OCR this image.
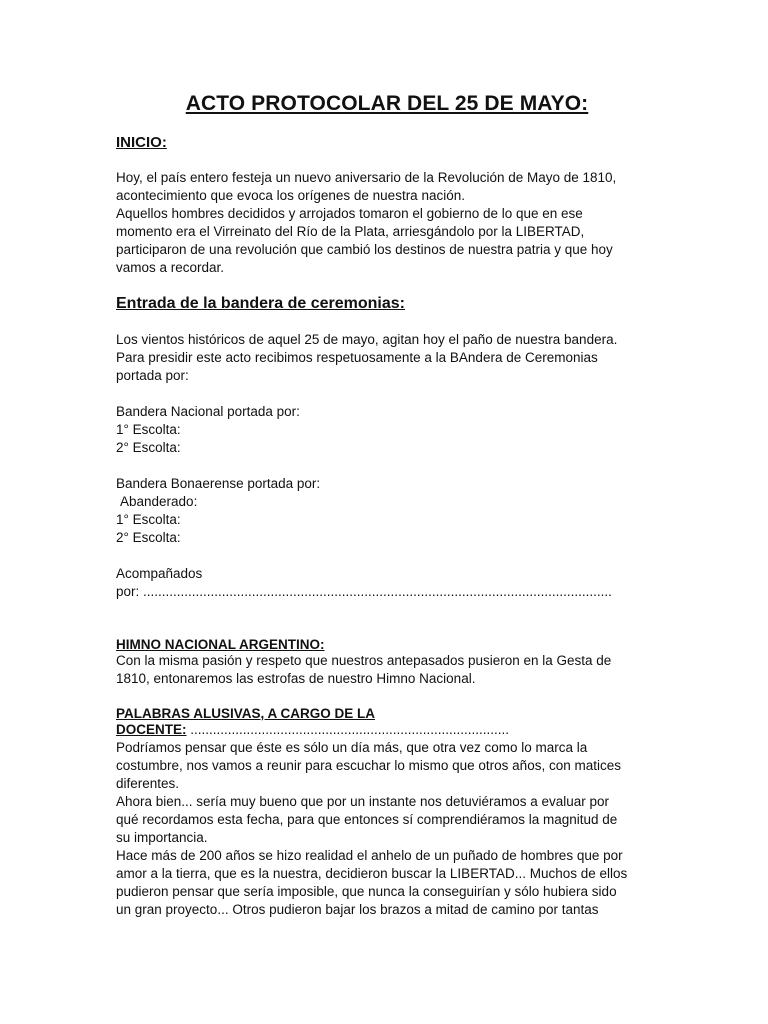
ACTO PROTOCOLAR DEL 25 DE MAYO:
INICIO:
Hoy, el país entero festeja un nuevo aniversario de la Revolución de Mayo de 1810,
acontecimiento que evoca los orígenes de nuestra nación.
Aquellos hombres decididos y arrojados tomaron el gobierno de lo que en ese
momento era el Virreinato del Río de la Plata, arriesgándolo por la LIBERTAD,
participaron de una revolución que cambió los destinos de nuestra patria y que hoy
vamos a recordar.
Entrada de la bandera de ceremonias:
Los vientos históricos de aquel 25 de mayo, agitan hoy el paño de nuestra bandera.
Para presidir este acto recibimos respetuosamente a la BAndera de Ceremonias
portada por:
Bandera Nacional portada por:
1° Escolta:
2° Escolta:
Bandera Bonaerense portada por:
Abanderado:
1° Escolta:
2° Escolta:
Acompañados
por: .............................................................................................................................
HIMNO NACIONAL ARGENTINO:
Con la misma pasión y respeto que nuestros antepasados pusieron en la Gesta de
1810, entonaremos las estrofas de nuestro Himno Nacional.
PALABRAS ALUSIVAS, A CARGO DE LA
DOCENTE: .....................................................................................
Podríamos pensar que éste es sólo un día más, que otra vez como lo marca la
costumbre, nos vamos a reunir para escuchar lo mismo que otros años, con matices
diferentes.
Ahora bien... sería muy bueno que por un instante nos detuviéramos a evaluar por
qué recordamos esta fecha, para que entonces sí comprendiéramos la magnitud de
su importancia.
Hace más de 200 años se hizo realidad el anhelo de un puñado de hombres que por
amor a la tierra, que es la nuestra, decidieron buscar la LIBERTAD... Muchos de ellos
pudieron pensar que sería imposible, que nunca la conseguirían y sólo hubiera sido
un gran proyecto... Otros pudieron bajar los brazos a mitad de camino por tantas
